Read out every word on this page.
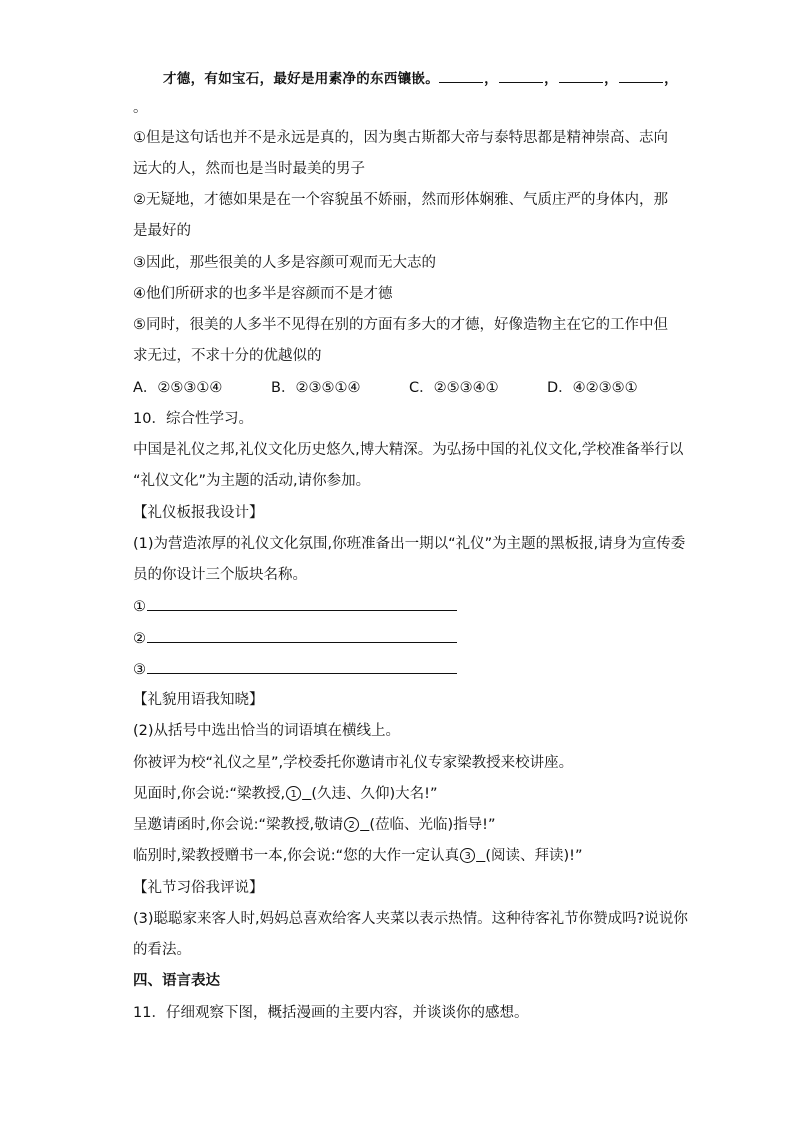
才德，有如宝石，最好是用素净的东西镶嵌。	，	，	，	，
。
①但是这句话也并不是永远是真的，因为奥古斯都大帝与泰特思都是精神崇高、志向
远大的人，然而也是当时最美的男子
②无疑地，才德如果是在一个容貌虽不娇丽，然而形体娴雅、气质庄严的身体内，那
是最好的
③因此，那些很美的人多是容颜可观而无大志的
④他们所研求的也多半是容颜而不是才德
⑤同时，很美的人多半不见得在别的方面有多大的才德，好像造物主在它的工作中但
求无过，不求十分的优越似的
A．②⑤③①④	B．②③⑤①④	C．②⑤③④①	D．④②③⑤①
10．综合性学习。
中国是礼仪之邦,礼仪文化历史悠久,博大精深。为弘扬中国的礼仪文化,学校准备举行以
“礼仪文化”为主题的活动,请你参加。
【礼仪板报我设计】
(1)为营造浓厚的礼仪文化氛围,你班准备出一期以“礼仪”为主题的黑板报,请身为宣传委
员的你设计三个版块名称。
①
②
③
【礼貌用语我知晓】
(2)从括号中选出恰当的词语填在横线上。
你被评为校“礼仪之星”,学校委托你邀请市礼仪专家梁教授来校讲座。
见面时,你会说:“梁教授, 1 (久违、久仰)大名!”
呈邀请函时,你会说:“梁教授,敬请 2 (莅临、光临)指导!”
临别时,梁教授赠书一本,你会说:“您的大作一定认真 3 (阅读、拜读)!”
【礼节习俗我评说】
(3)聪聪家来客人时,妈妈总喜欢给客人夹菜以表示热情。这种待客礼节你赞成吗?说说你
的看法。
四、语言表达
11．仔细观察下图，概括漫画的主要内容，并谈谈你的感想。
